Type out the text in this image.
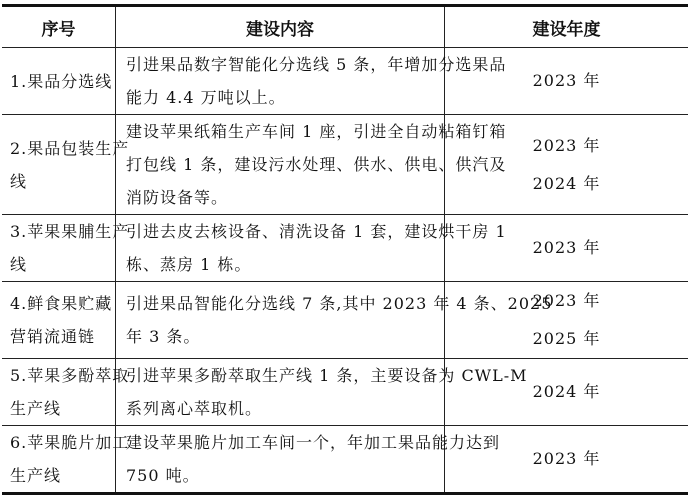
序号	建设内容	建设年度

1.果品分选线	引进果品数字智能化分选线 5 条，年增加分选果品
能力 4.4 万吨以上。	2023 年

2.果品包装生产
线	建设苹果纸箱生产车间 1 座，引进全自动粘箱钉箱
打包线 1 条，建设污水处理、供水、供电、供汽及
消防设备等。	2023 年
2024 年

3.苹果果脯生产
线	引进去皮去核设备、清洗设备 1 套，建设烘干房 1
栋、蒸房 1 栋。	2023 年

4.鲜食果贮藏
营销流通链	引进果品智能化分选线 7 条,其中 2023 年 4 条、2025
年 3 条。	2023 年
2025 年

5.苹果多酚萃取
生产线	引进苹果多酚萃取生产线 1 条，主要设备为 CWL-M
系列离心萃取机。	2024 年

6.苹果脆片加工
生产线	建设苹果脆片加工车间一个，年加工果品能力达到
750 吨。	2023 年
